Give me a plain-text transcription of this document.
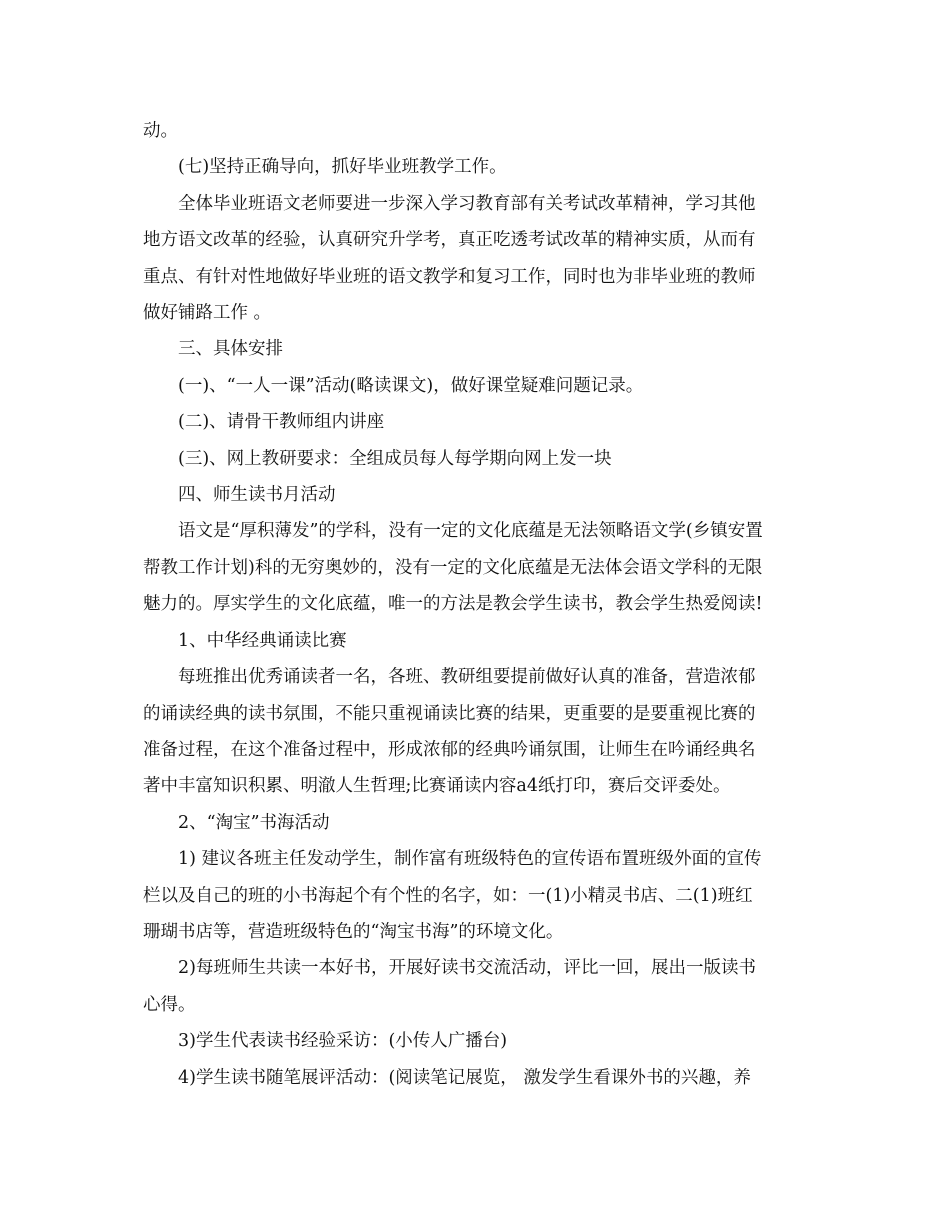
动。

(七)坚持正确导向，抓好毕业班教学工作。

全体毕业班语文老师要进一步深入学习教育部有关考试改革精神，学习其他

地方语文改革的经验，认真研究升学考，真正吃透考试改革的精神实质，从而有

重点、有针对性地做好毕业班的语文教学和复习工作，同时也为非毕业班的教师

做好铺路工作 。

三、具体安排

(一)、“一人一课”活动(略读课文)，做好课堂疑难问题记录。

(二)、请骨干教师组内讲座

(三)、网上教研要求：全组成员每人每学期向网上发一块

四、师生读书月活动

语文是“厚积薄发”的学科，没有一定的文化底蕴是无法领略语文学(乡镇安置

帮教工作计划)科的无穷奥妙的，没有一定的文化底蕴是无法体会语文学科的无限

魅力的。厚实学生的文化底蕴，唯一的方法是教会学生读书，教会学生热爱阅读!

1、中华经典诵读比赛

每班推出优秀诵读者一名，各班、教研组要提前做好认真的准备，营造浓郁

的诵读经典的读书氛围，不能只重视诵读比赛的结果，更重要的是要重视比赛的

准备过程，在这个准备过程中，形成浓郁的经典吟诵氛围，让师生在吟诵经典名

著中丰富知识积累、明澈人生哲理;比赛诵读内容a4纸打印，赛后交评委处。

2、“淘宝”书海活动

1) 建议各班主任发动学生，制作富有班级特色的宣传语布置班级外面的宣传

栏以及自己的班的小书海起个有个性的名字，如：一(1)小精灵书店、二(1)班红

珊瑚书店等，营造班级特色的“淘宝书海”的环境文化。

2)每班师生共读一本好书，开展好读书交流活动，评比一回，展出一版读书

心得。

3)学生代表读书经验采访：(小传人广播台)

4)学生读书随笔展评活动：(阅读笔记展览， 激发学生看课外书的兴趣，养
